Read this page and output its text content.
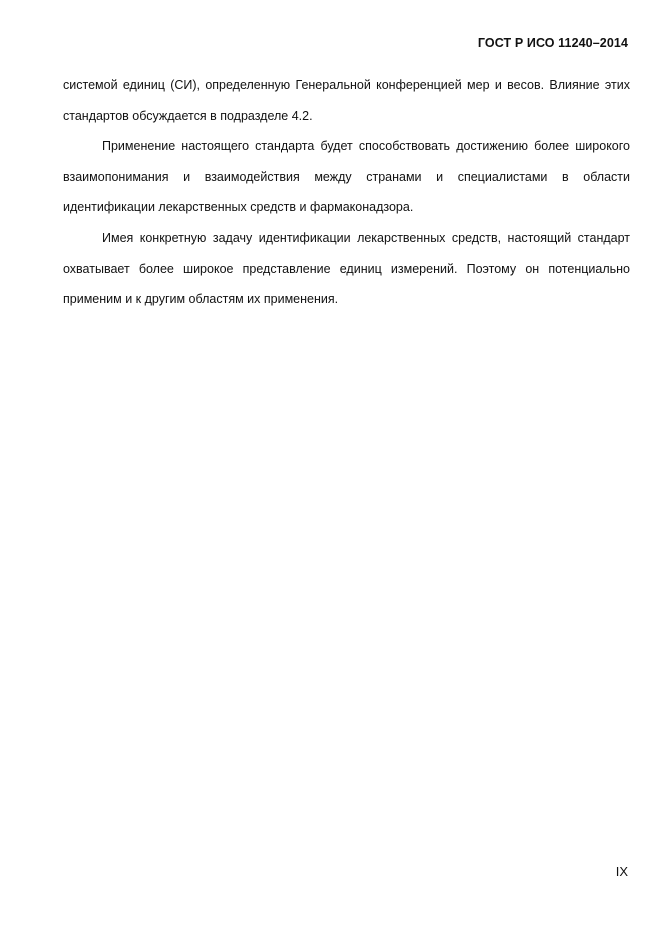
ГОСТ Р ИСО 11240–2014

системой единиц (СИ), определенную Генеральной конференцией мер и весов. Влияние этих стандартов обсуждается в подразделе 4.2.

Применение настоящего стандарта будет способствовать достижению более широкого взаимопонимания и взаимодействия между странами и специалистами в области идентификации лекарственных средств и фармаконадзора.

Имея конкретную задачу идентификации лекарственных средств, настоящий стандарт охватывает более широкое представление единиц измерений. Поэтому он потенциально применим и к другим областям их применения.

IX
